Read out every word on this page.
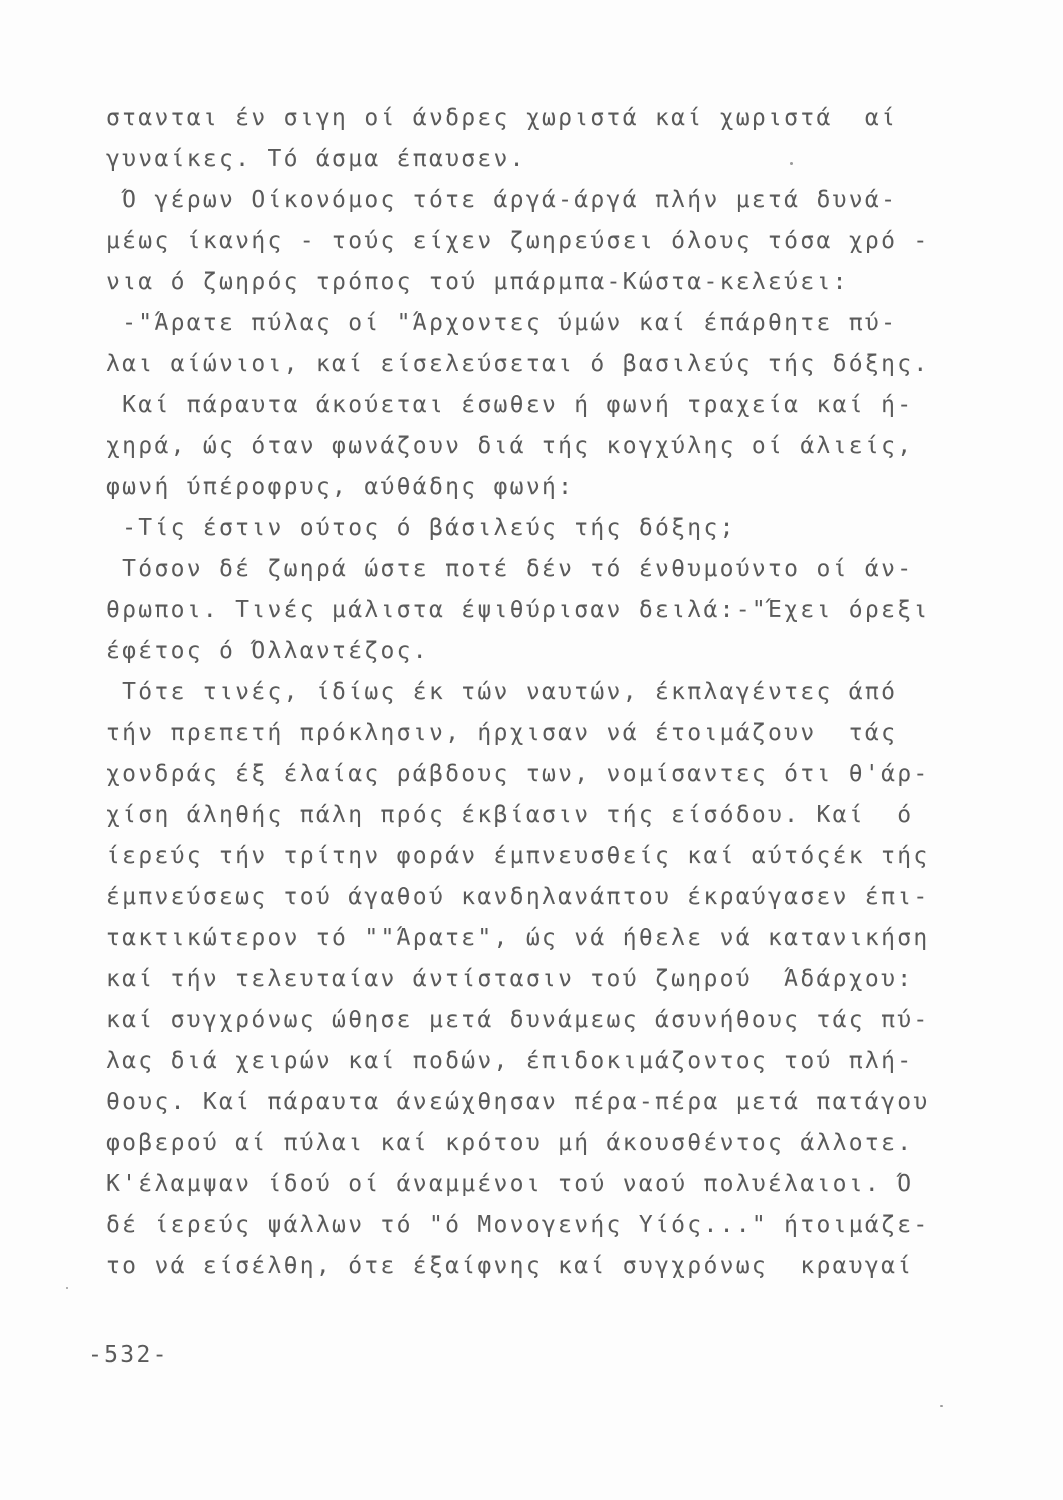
στανται έν σιγη οί άνδρες χωριστά καί χωριστά  αί
γυναίκες. Τό άσμα έπαυσεν.
Ό γέρων Οίκονόμος τότε άργά-άργά πλήν μετά δυνά-
μέως ίκανής - τούς είχεν ζωηρεύσει όλους τόσα χρό -
νια ό ζωηρός τρόπος τού μπάρμπα-Κώστα-κελεύει:
-"Άρατε πύλας οί "Άρχοντες ύμών καί έπάρθητε πύ-
λαι αίώνιοι, καί είσελεύσεται ό βασιλεύς τής δόξης.
Καί πάραυτα άκούεται έσωθεν ή φωνή τραχεία καί ή-
χηρά, ώς όταν φωνάζουν διά τής κογχύλης οί άλιείς,
φωνή ύπέροφρυς, αύθάδης φωνή:
-Τίς έστιν ούτος ό βάσιλεύς τής δόξης;
Τόσον δέ ζωηρά ώστε ποτέ δέν τό ένθυμούντο οί άν-
θρωποι. Τινές μάλιστα έψιθύρισαν δειλά:-"Έχει όρεξι
έφέτος ό Όλλαντέζος.
Τότε τινές, ίδίως έκ τών ναυτών, έκπλαγέντες άπό
τήν πρεπετή πρόκλησιν, ήρχισαν νά έτοιμάζουν  τάς
χονδράς έξ έλαίας ράβδους των, νομίσαντες ότι θ'άρ-
χίση άληθής πάλη πρός έκβίασιν τής είσόδου. Καί  ό
ίερεύς τήν τρίτην φοράν έμπνευσθείς καί αύτόςέκ τής
έμπνεύσεως τού άγαθού κανδηλανάπτου έκραύγασεν έπι-
τακτικώτερον τό ""Άρατε", ώς νά ήθελε νά κατανικήση
καί τήν τελευταίαν άντίστασιν τού ζωηρού  Άδάρχου:
καί συγχρόνως ώθησε μετά δυνάμεως άσυνήθους τάς πύ-
λας διά χειρών καί ποδών, έπιδοκιμάζοντος τού πλή-
θους. Καί πάραυτα άνεώχθησαν πέρα-πέρα μετά πατάγου
φοβερού αί πύλαι καί κρότου μή άκουσθέντος άλλοτε.
Κ'έλαμψαν ίδού οί άναμμένοι τού ναού πολυέλαιοι. Ό
δέ ίερεύς ψάλλων τό "ό Μονογενής Υίός..." ήτοιμάζε-
το νά είσέλθη, ότε έξαίφνης καί συγχρόνως  κραυγαί
-532-
